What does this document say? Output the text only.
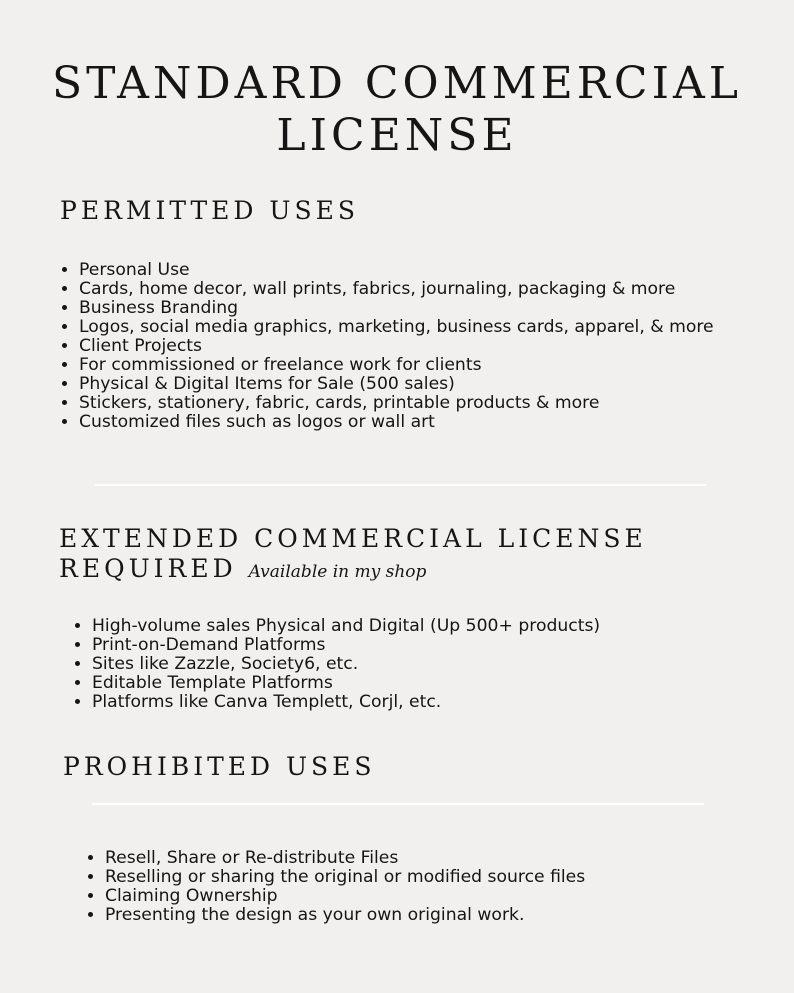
STANDARD COMMERCIAL
LICENSE
PERMITTED USES
• Personal Use
• Cards, home decor, wall prints, fabrics, journaling, packaging & more
• Business Branding
• Logos, social media graphics, marketing, business cards, apparel, & more
• Client Projects
• For commissioned or freelance work for clients
• Physical & Digital Items for Sale (500 sales)
• Stickers, stationery, fabric, cards, printable products & more
• Customized files such as logos or wall art
EXTENDED COMMERCIAL LICENSE
REQUIRED Available in my shop
• High-volume sales Physical and Digital (Up 500+ products)
• Print-on-Demand Platforms
• Sites like Zazzle, Society6, etc.
• Editable Template Platforms
• Platforms like Canva Templett, Corjl, etc.
PROHIBITED USES
• Resell, Share or Re-distribute Files
• Reselling or sharing the original or modified source files
• Claiming Ownership
• Presenting the design as your own original work.
